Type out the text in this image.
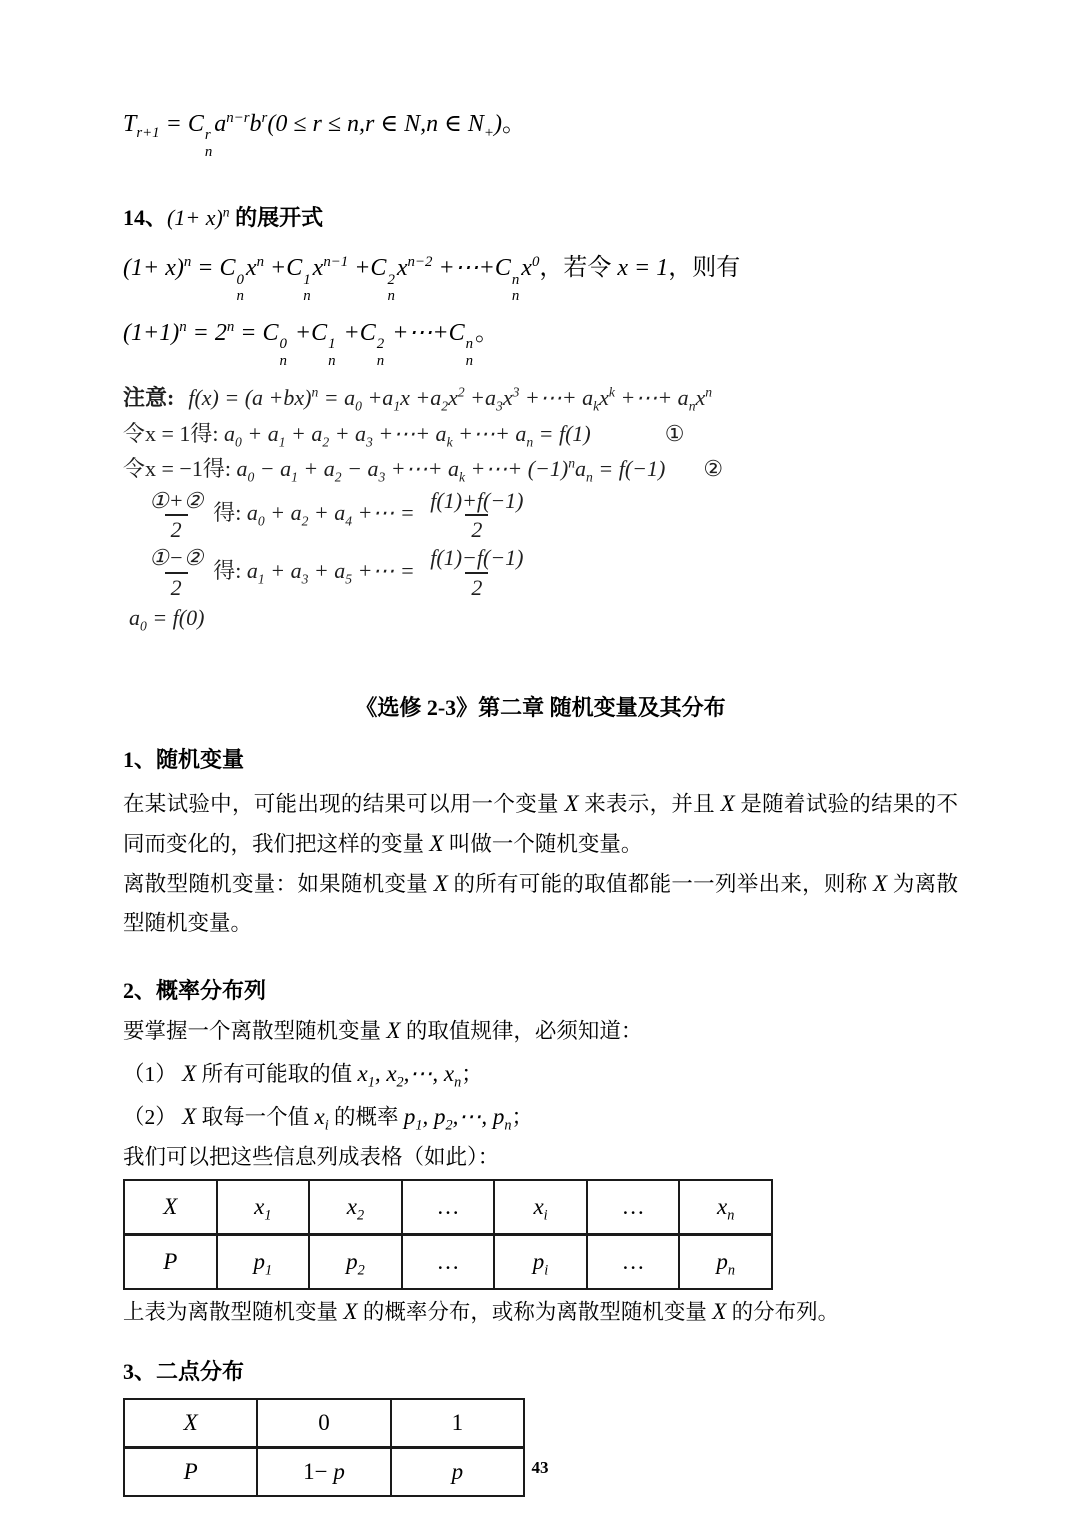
$T_{r+1} = C$ r
n
$a^{n-r}b^r(0 \le r \le n,r$ ∈ N,n ∈ $N_+$)。
14、$(1+ x)^n$ 的展开式
$(1+ x)^n = C$ 0
n
$x^n +C$ 1
n
$x^{n-1} +C$ 2
n
$x^{n-2}$ +⋯+C n
n
$x^0$，若令 x = 1，则有
$(1+1)^n = 2^n = C$ 0
n
+C 1
n
+C 2
n
+⋯+C n
n
。
注意: $f(x) = (a +bx)^n = a_0 +a_1x +a_2x^2 +a_3x^3$ +⋯+ $a_kx^k$ +⋯+ $a_nx^n$
令x = 1得: $a_0 + a_1 + a_2 + a_3$ +⋯+ $a_k$ +⋯+ $a_n = f(1)$	①
令x = −1得: $a_0 - a_1 + a_2 - a_3$ +⋯+ $a_k$ +⋯+ $(-1)^na_n = f(-1)$ ②
$\frac{\text{①+②}}{2}$ 得: $a_0 + a_2 + a_4$ +⋯ = $\frac{f(1)+f(-1)}{2}$
$\frac{\text{①−②}}{2}$ 得: $a_1 + a_3 + a_5$ +⋯ = $\frac{f(1)-f(-1)}{2}$
$a_0 = f(0)$
《选修 2-3》第二章 随机变量及其分布
1、随机变量
在某试验中，可能出现的结果可以用一个变量 X 来表示，并且 X 是随着试验的结果的不同而变化的，我们把这样的变量 X 叫做一个随机变量。
离散型随机变量：如果随机变量 X 的所有可能的取值都能一一列举出来，则称 X 为离散型随机变量。
2、概率分布列
要掌握一个离散型随机变量 X 的取值规律，必须知道：
（1） X 所有可能取的值 $x_1$, $x_2,\cdots$, $x_n$；
（2） X 取每一个值 $x_i$ 的概率 $p_1$, $p_2,\cdots$, $p_n$；
我们可以把这些信息列成表格（如此）：
X	$x_1$	$x_2$	…	$x_i$	…	$x_n$
P	$p_1$	$p_2$	…	$p_i$	…	$p_n$
上表为离散型随机变量 X 的概率分布，或称为离散型随机变量 X 的分布列。
3、二点分布
X	0	1
P	1− p	p	43
